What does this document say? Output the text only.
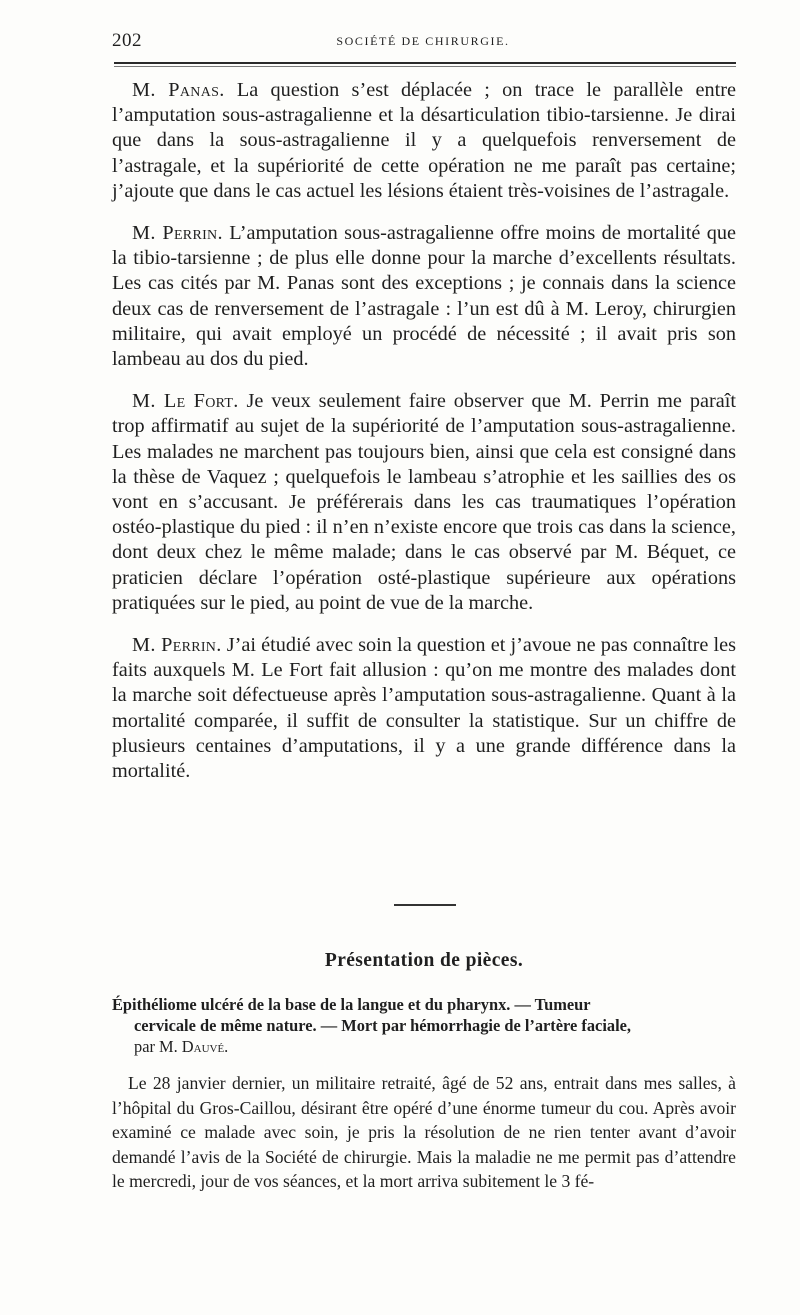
202	SOCIÉTÉ DE CHIRURGIE.

M. Panas. La question s’est déplacée ; on trace le parallèle entre l’amputation sous-astragalienne et la désarticulation tibio-tarsienne. Je dirai que dans la sous-astragalienne il y a quelquefois renversement de l’astragale, et la supériorité de cette opération ne me paraît pas certaine; j’ajoute que dans le cas actuel les lésions étaient très-voisines de l’astragale.

M. Perrin. L’amputation sous-astragalienne offre moins de mortalité que la tibio-tarsienne ; de plus elle donne pour la marche d’excellents résultats. Les cas cités par M. Panas sont des exceptions ; je connais dans la science deux cas de renversement de l’astragale : l’un est dû à M. Leroy, chirurgien militaire, qui avait employé un procédé de nécessité ; il avait pris son lambeau au dos du pied.

M. Le Fort. Je veux seulement faire observer que M. Perrin me paraît trop affirmatif au sujet de la supériorité de l’amputation sous-astragalienne. Les malades ne marchent pas toujours bien, ainsi que cela est consigné dans la thèse de Vaquez ; quelquefois le lambeau s’atrophie et les saillies des os vont en s’accusant. Je préférerais dans les cas traumatiques l’opération ostéo-plastique du pied : il n’en n’existe encore que trois cas dans la science, dont deux chez le même malade; dans le cas observé par M. Béquet, ce praticien déclare l’opération osté-plastique supérieure aux opérations pratiquées sur le pied, au point de vue de la marche.

M. Perrin. J’ai étudié avec soin la question et j’avoue ne pas connaître les faits auxquels M. Le Fort fait allusion : qu’on me montre des malades dont la marche soit défectueuse après l’amputation sous-astragalienne. Quant à la mortalité comparée, il suffit de consulter la statistique. Sur un chiffre de plusieurs centaines d’amputations, il y a une grande différence dans la mortalité.

Présentation de pièces.
Épithéliome ulcéré de la base de la langue et du pharynx. — Tumeur
cervicale de même nature. — Mort par hémorrhagie de l’artère faciale,
par M. Dauvé.

Le 28 janvier dernier, un militaire retraité, âgé de 52 ans, entrait dans mes salles, à l’hôpital du Gros-Caillou, désirant être opéré d’une énorme tumeur du cou. Après avoir examiné ce malade avec soin, je pris la résolution de ne rien tenter avant d’avoir demandé l’avis de la Société de chirurgie. Mais la maladie ne me permit pas d’attendre le mercredi, jour de vos séances, et la mort arriva subitement le 3 fé-
